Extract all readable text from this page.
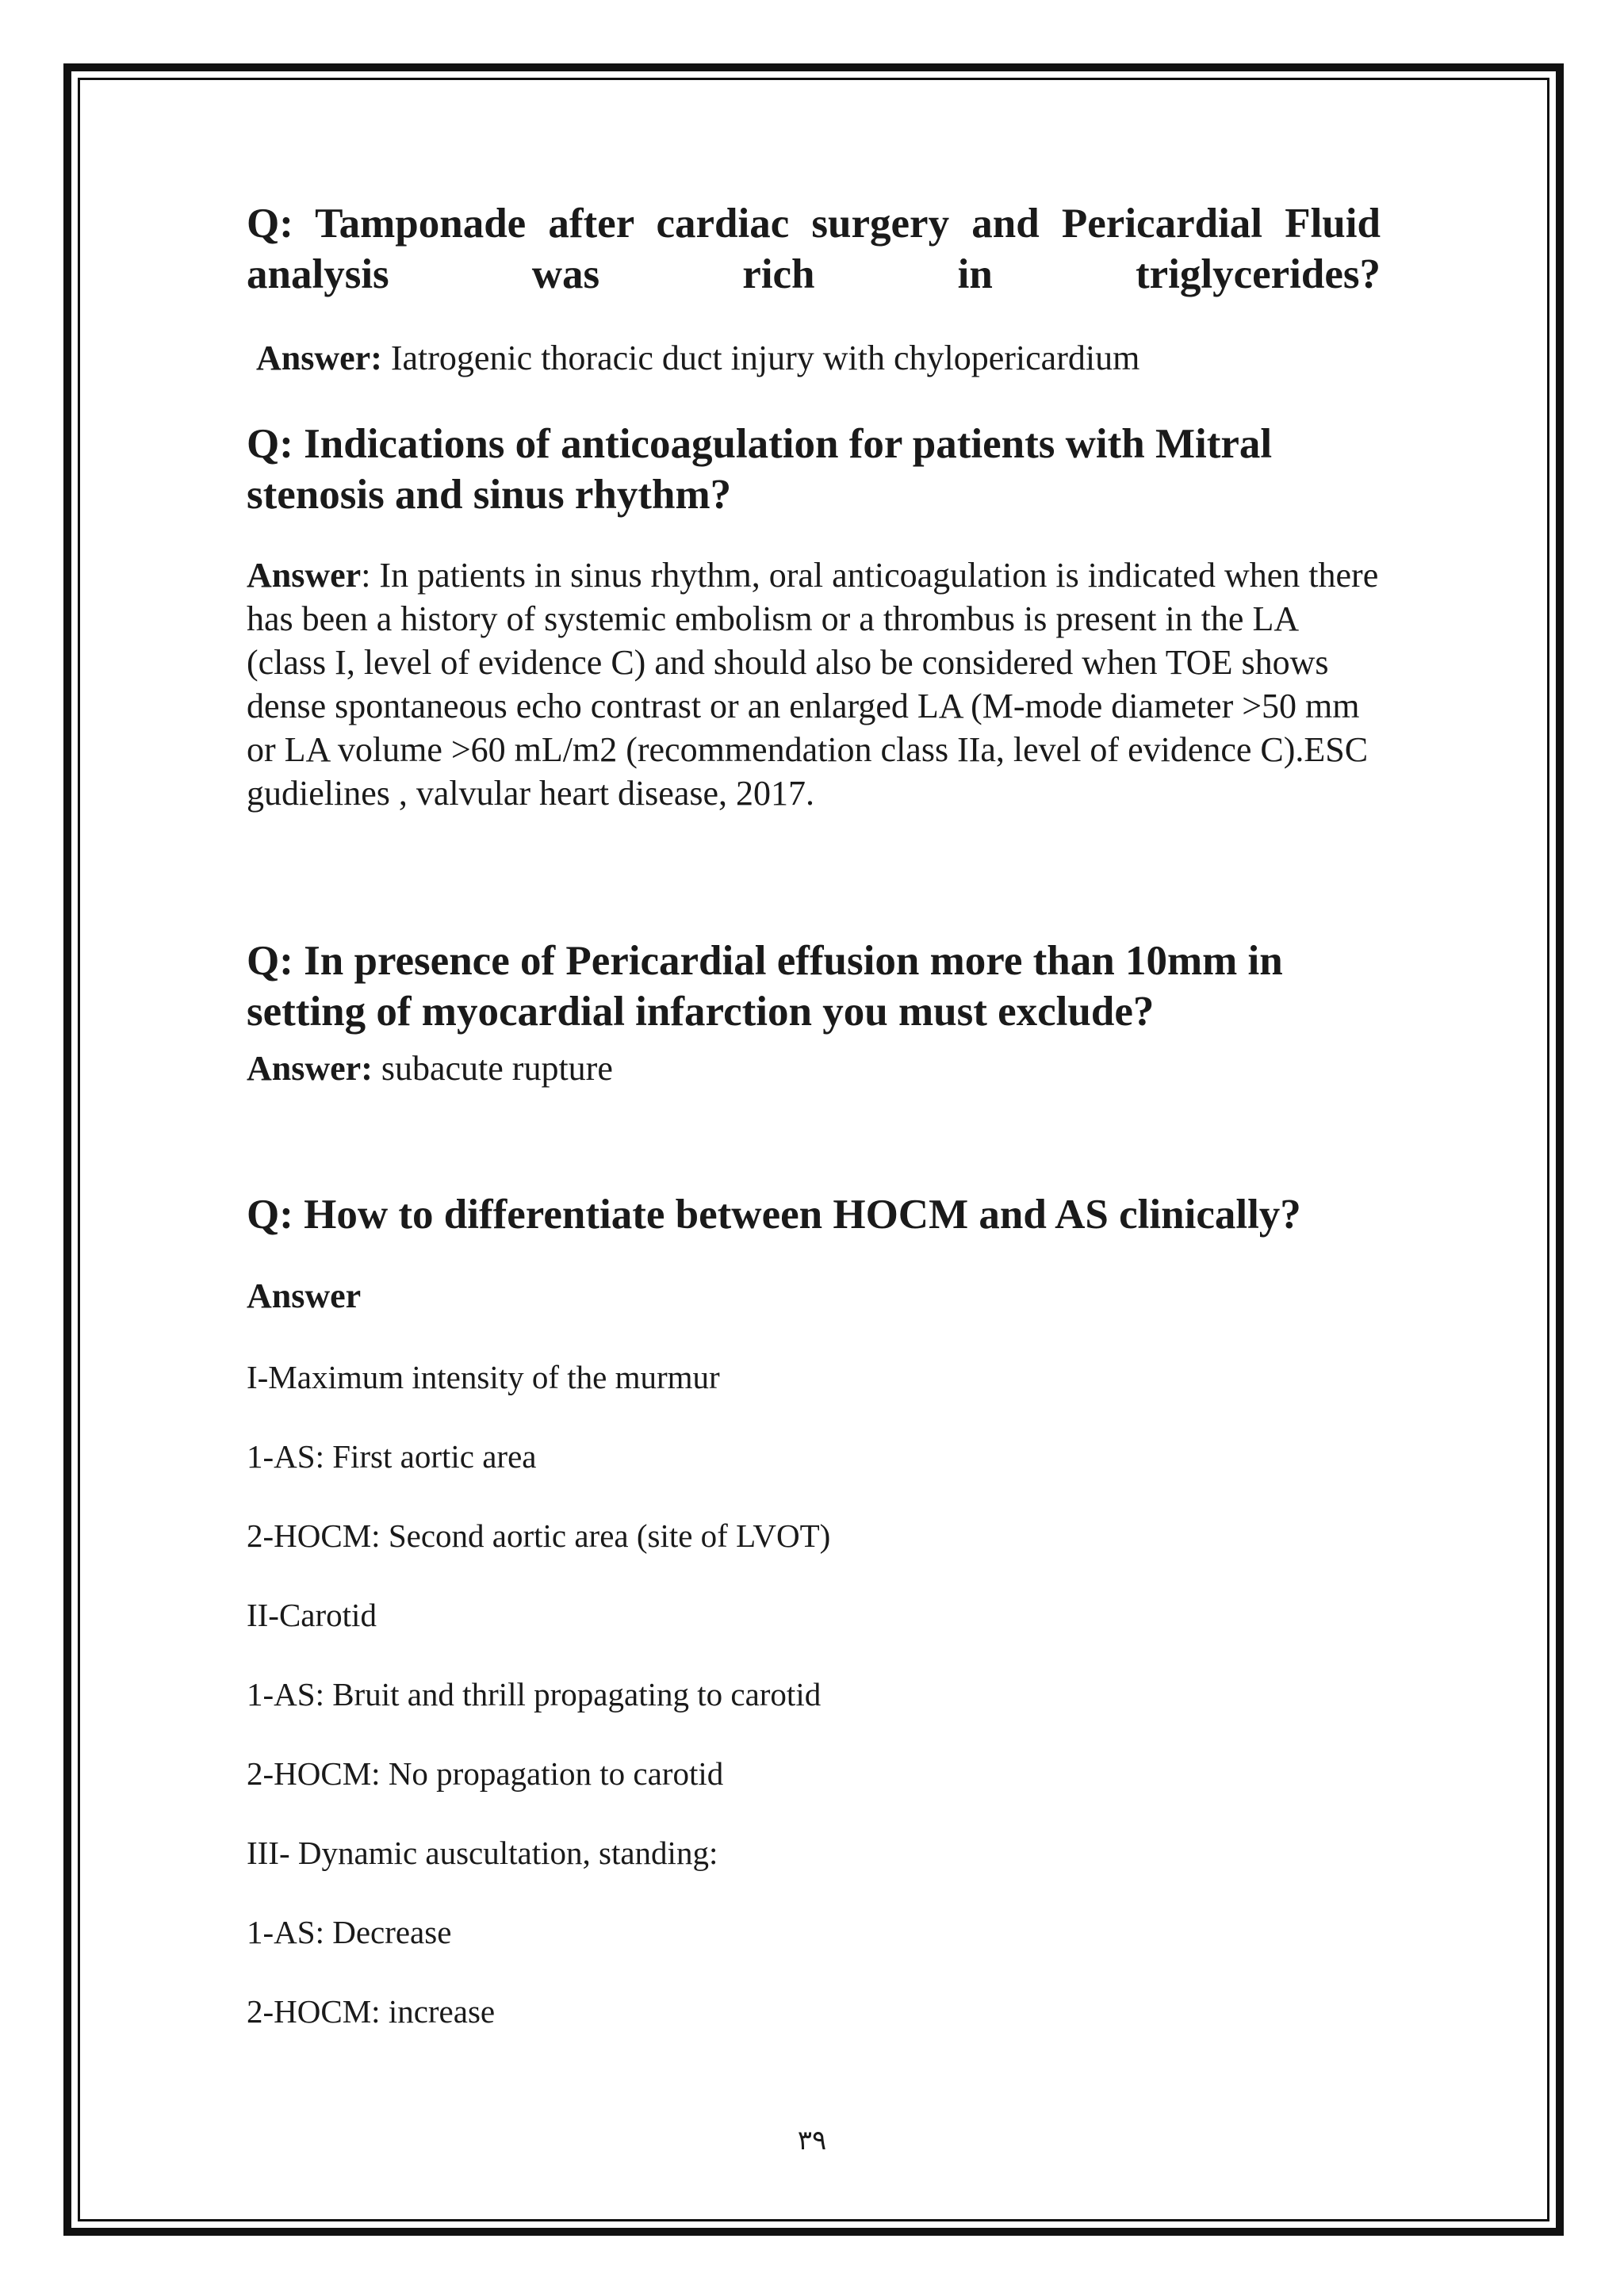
Q: Tamponade after cardiac surgery and Pericardial Fluid analysis was rich in triglycerides?

Answer: Iatrogenic thoracic duct injury with chylopericardium

Q: Indications of anticoagulation for patients with Mitral stenosis and sinus rhythm?

Answer: In patients in sinus rhythm, oral anticoagulation is indicated when there has been a history of systemic embolism or a thrombus is present in the LA (class I, level of evidence C) and should also be considered when TOE shows dense spontaneous echo contrast or an enlarged LA (M-mode diameter >50 mm or LA volume >60 mL/m2 (recommendation class IIa, level of evidence C).ESC gudielines , valvular heart disease, 2017.

Q: In presence of Pericardial effusion more than 10mm in setting of myocardial infarction you must exclude?

Answer: subacute rupture

Q: How to differentiate between HOCM and AS clinically?

Answer

I-Maximum intensity of the murmur

1-AS: First aortic area

2-HOCM: Second aortic area (site of LVOT)

II-Carotid

1-AS: Bruit and thrill propagating to carotid

2-HOCM: No propagation to carotid

III- Dynamic auscultation, standing:

1-AS: Decrease

2-HOCM: increase

٣٩
